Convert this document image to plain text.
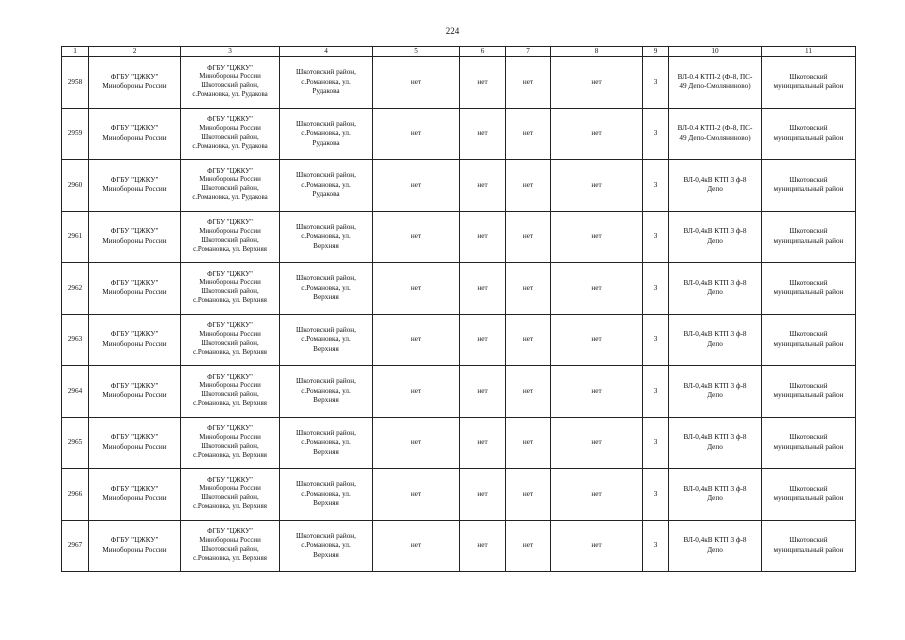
224
1	2	3	4	5	6	7	8	9	10	11
2958	ФГБУ "ЦЖКУ"
Минобороны России	ФГБУ "ЦЖКУ"
Минобороны России
Шкотовский район,
с.Романовка, ул. Рудакова	Шкотовский район,
с.Романовка, ул.
Рудакова	нет	нет	нет	нет	3	ВЛ-0.4 КТП-2 (Ф-8, ПС-
49 Депо-Смоляниново)	Шкотовский
муниципальный район
2959	ФГБУ "ЦЖКУ"
Минобороны России	ФГБУ "ЦЖКУ"
Минобороны России
Шкотовский район,
с.Романовка, ул. Рудакова	Шкотовский район,
с.Романовка, ул.
Рудакова	нет	нет	нет	нет	3	ВЛ-0.4 КТП-2 (Ф-8, ПС-
49 Депо-Смоляниново)	Шкотовский
муниципальный район
2960	ФГБУ "ЦЖКУ"
Минобороны России	ФГБУ "ЦЖКУ"
Минобороны России
Шкотовский район,
с.Романовка, ул. Рудакова	Шкотовский район,
с.Романовка, ул.
Рудакова	нет	нет	нет	нет	3	ВЛ-0,4кВ КТП 3 ф-8
Депо	Шкотовский
муниципальный район
2961	ФГБУ "ЦЖКУ"
Минобороны России	ФГБУ "ЦЖКУ"
Минобороны России
Шкотовский район,
с.Романовка, ул. Верхняя	Шкотовский район,
с.Романовка, ул.
Верхняя	нет	нет	нет	нет	3	ВЛ-0,4кВ КТП 3 ф-8
Депо	Шкотовский
муниципальный район
2962	ФГБУ "ЦЖКУ"
Минобороны России	ФГБУ "ЦЖКУ"
Минобороны России
Шкотовский район,
с.Романовка, ул. Верхняя	Шкотовский район,
с.Романовка, ул.
Верхняя	нет	нет	нет	нет	3	ВЛ-0,4кВ КТП 3 ф-8
Депо	Шкотовский
муниципальный район
2963	ФГБУ "ЦЖКУ"
Минобороны России	ФГБУ "ЦЖКУ"
Минобороны России
Шкотовский район,
с.Романовка, ул. Верхняя	Шкотовский район,
с.Романовка, ул.
Верхняя	нет	нет	нет	нет	3	ВЛ-0,4кВ КТП 3 ф-8
Депо	Шкотовский
муниципальный район
2964	ФГБУ "ЦЖКУ"
Минобороны России	ФГБУ "ЦЖКУ"
Минобороны России
Шкотовский район,
с.Романовка, ул. Верхняя	Шкотовский район,
с.Романовка, ул.
Верхняя	нет	нет	нет	нет	3	ВЛ-0,4кВ КТП 3 ф-8
Депо	Шкотовский
муниципальный район
2965	ФГБУ "ЦЖКУ"
Минобороны России	ФГБУ "ЦЖКУ"
Минобороны России
Шкотовский район,
с.Романовка, ул. Верхняя	Шкотовский район,
с.Романовка, ул.
Верхняя	нет	нет	нет	нет	3	ВЛ-0,4кВ КТП 3 ф-8
Депо	Шкотовский
муниципальный район
2966	ФГБУ "ЦЖКУ"
Минобороны России	ФГБУ "ЦЖКУ"
Минобороны России
Шкотовский район,
с.Романовка, ул. Верхняя	Шкотовский район,
с.Романовка, ул.
Верхняя	нет	нет	нет	нет	3	ВЛ-0,4кВ КТП 3 ф-8
Депо	Шкотовский
муниципальный район
2967	ФГБУ "ЦЖКУ"
Минобороны России	ФГБУ "ЦЖКУ"
Минобороны России
Шкотовский район,
с.Романовка, ул. Верхняя	Шкотовский район,
с.Романовка, ул.
Верхняя	нет	нет	нет	нет	3	ВЛ-0,4кВ КТП 3 ф-8
Депо	Шкотовский
муниципальный район
